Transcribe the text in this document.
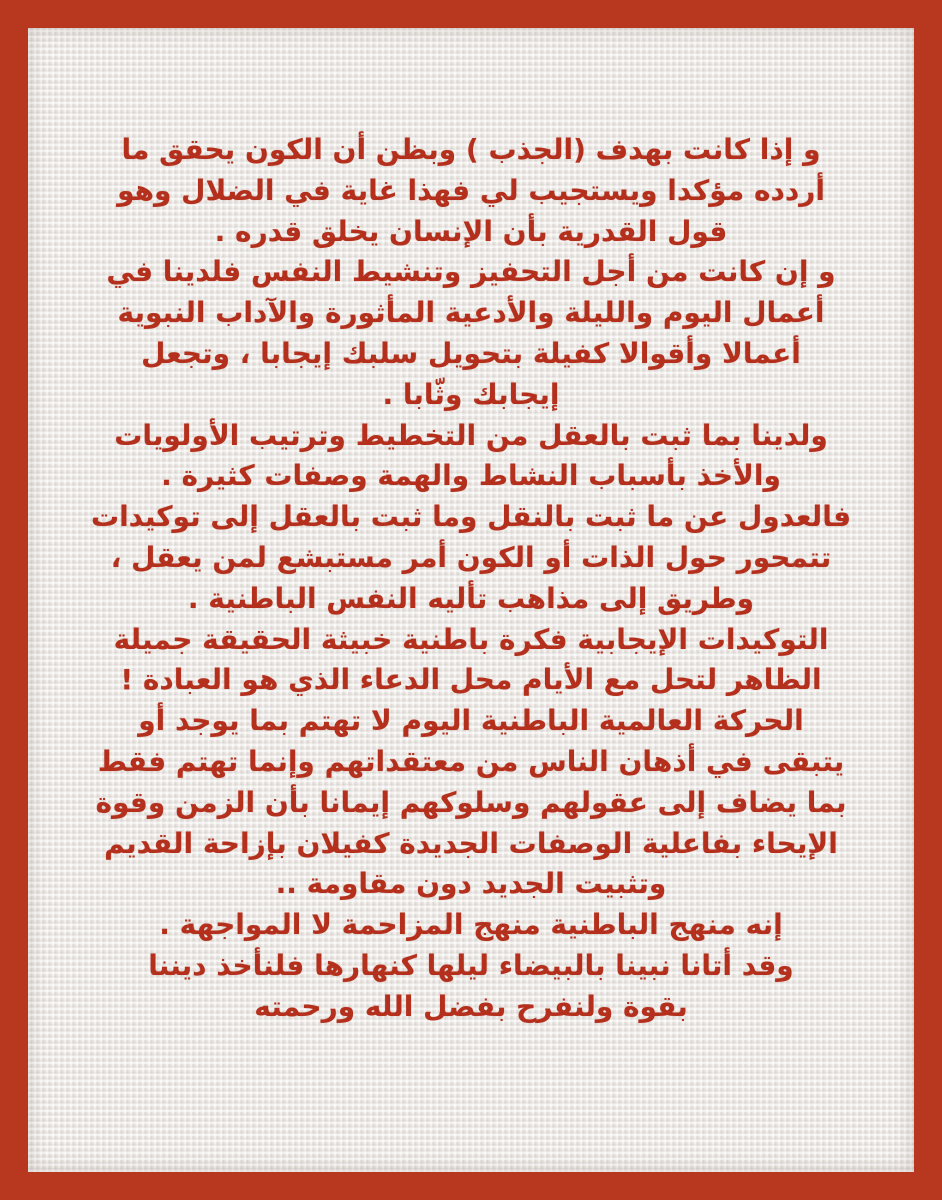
و إذا كانت بهدف (الجذب ) وبظن أن الكون يحقق ما
أردده مؤكدا ويستجيب لي فهذا غاية في الضلال وهو
قول القدرية بأن الإنسان يخلق قدره .
و إن كانت من أجل التحفيز وتنشيط النفس فلدينا في
أعمال اليوم والليلة والأدعية المأثورة والآداب النبوية
أعمالا وأقوالا كفيلة بتحويل سلبك إيجابا ، وتجعل
إيجابك وثّابا .
ولدينا بما ثبت بالعقل من التخطيط وترتيب الأولويات
والأخذ بأسباب النشاط والهمة وصفات كثيرة .
فالعدول عن ما ثبت بالنقل وما ثبت بالعقل إلى توكيدات
تتمحور حول الذات أو الكون أمر مستبشع لمن يعقل ،
وطريق إلى مذاهب تأليه النفس الباطنية .
التوكيدات الإيجابية فكرة باطنية خبيثة الحقيقة جميلة
الظاهر لتحل مع الأيام محل الدعاء الذي هو العبادة !
الحركة العالمية الباطنية اليوم لا تهتم بما يوجد أو
يتبقى في أذهان الناس من معتقداتهم وإنما تهتم فقط
بما يضاف إلى عقولهم وسلوكهم إيمانا بأن الزمن وقوة
الإيحاء بفاعلية الوصفات الجديدة كفيلان بإزاحة القديم
وتثبيت الجديد دون مقاومة ..
إنه منهج الباطنية منهج المزاحمة لا المواجهة .
وقد أتانا نبينا بالبيضاء ليلها كنهارها فلنأخذ ديننا
بقوة ولنفرح بفضل الله ورحمته
